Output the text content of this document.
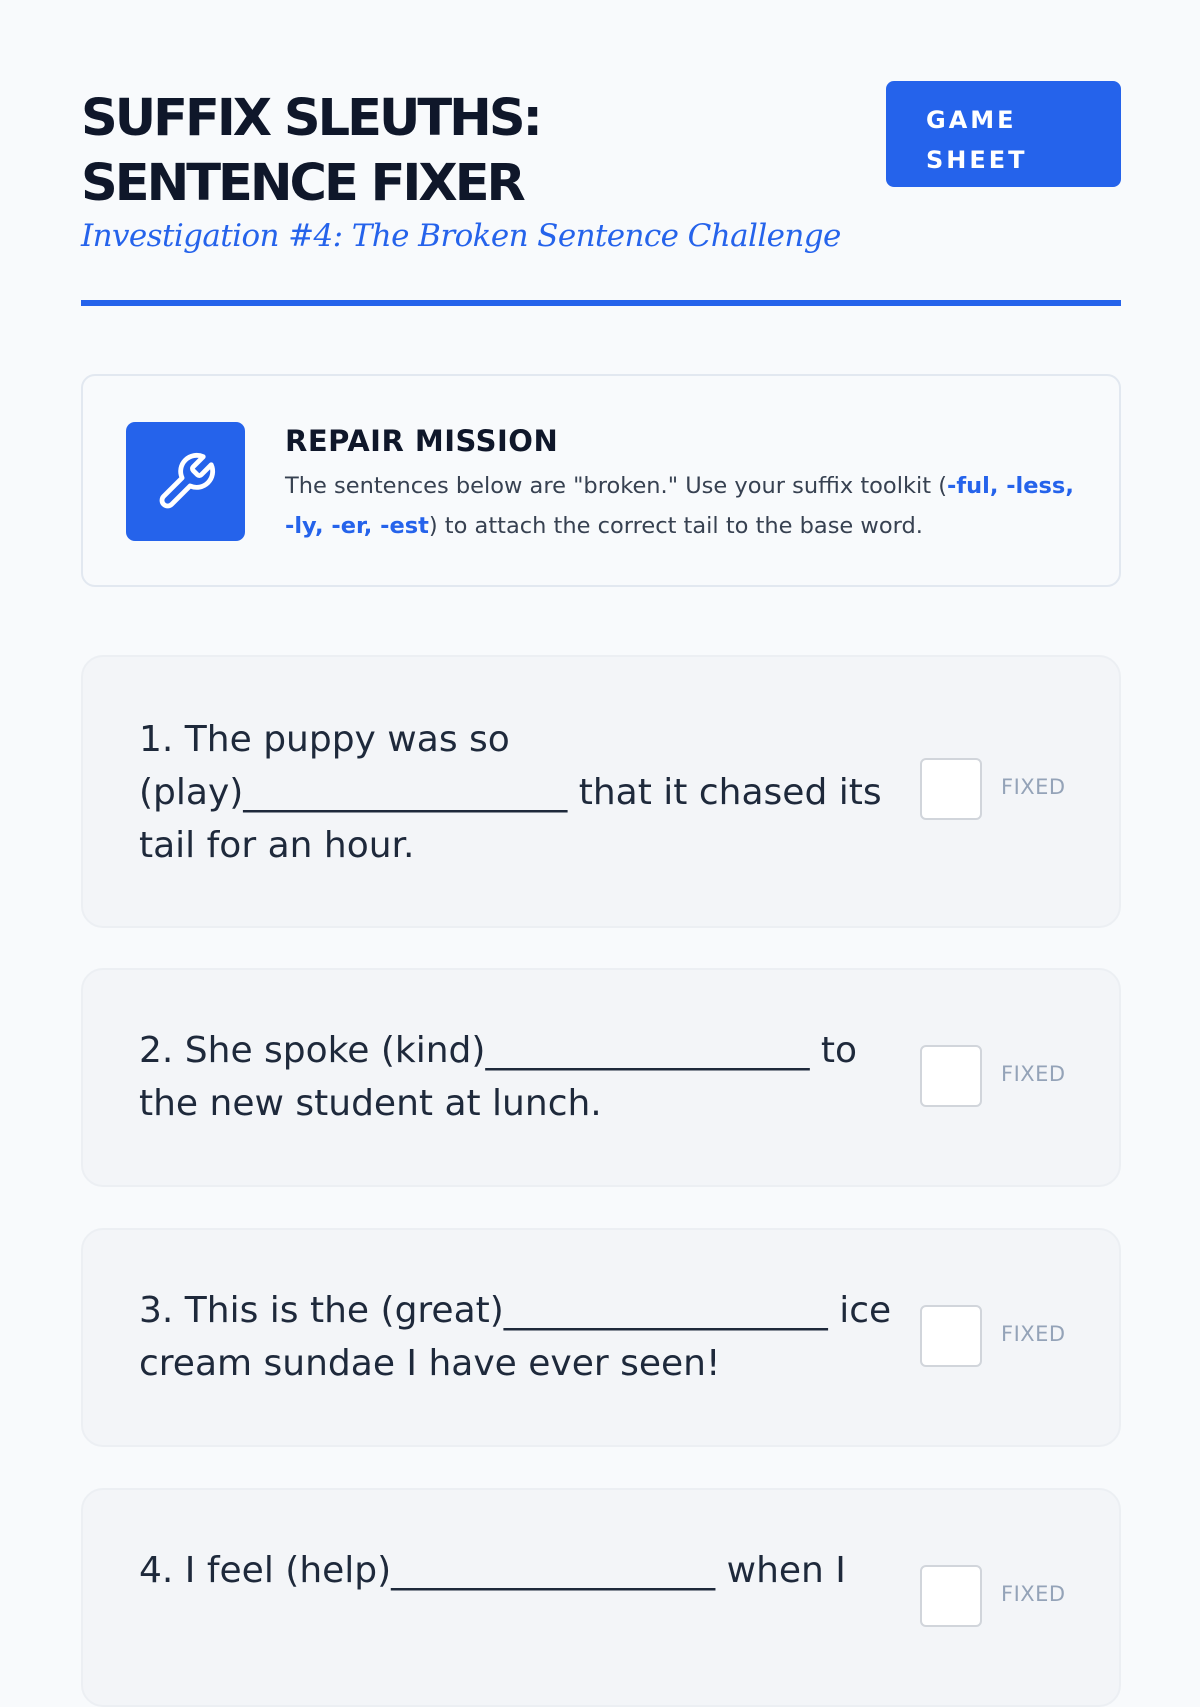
SUFFIX SLEUTHS:
SENTENCE FIXER

Investigation #4: The Broken Sentence Challenge

GAME
SHEET
REPAIR MISSION

The sentences below are "broken." Use your suffix toolkit (-ful, -less, -ly, -er, -est) to attach the correct tail to the base word.

1. The puppy was so
(play)__________________ that it chased its
tail for an hour.

FIXED

2. She spoke (kind)__________________ to
the new student at lunch.

FIXED

3. This is the (great)__________________ ice
cream sundae I have ever seen!

FIXED

4. I feel (help)__________________ when I

FIXED
